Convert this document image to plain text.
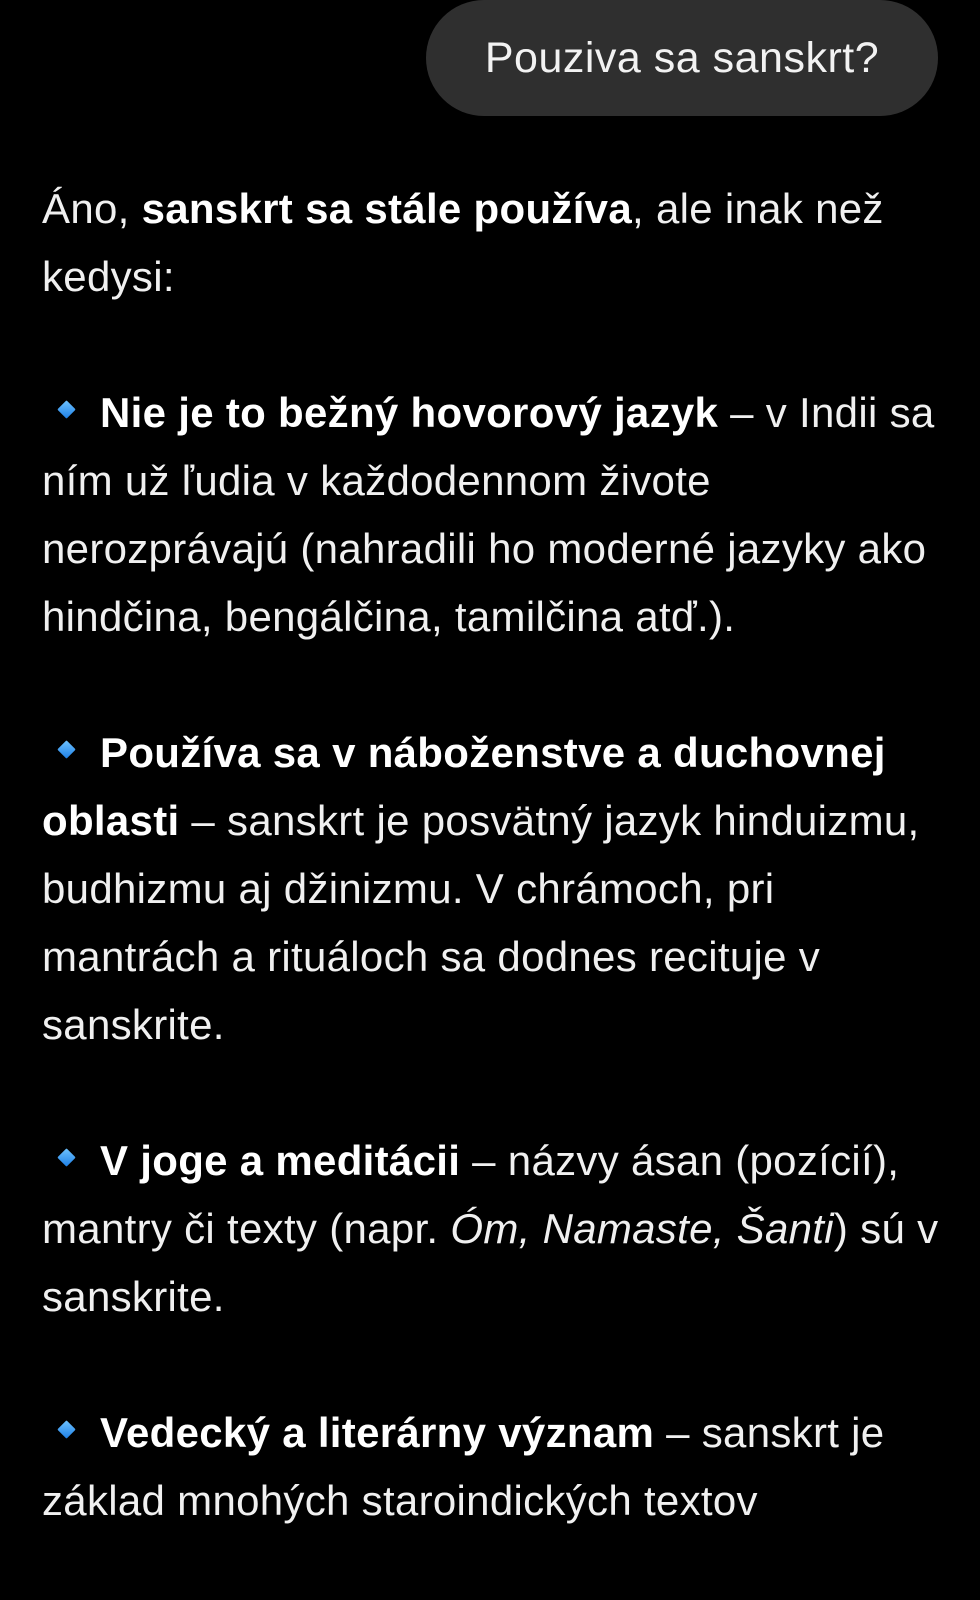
Pouziva sa sanskrt?

Áno, sanskrt sa stále používa, ale inak než kedysi:

Nie je to bežný hovorový jazyk – v Indii sa ním už ľudia v každodennom živote nerozprávajú (nahradili ho moderné jazyky ako hindčina, bengálčina, tamilčina atď.).

Používa sa v náboženstve a duchovnej oblasti – sanskrt je posvätný jazyk hinduizmu, budhizmu aj džinizmu. V chrámoch, pri mantrách a rituáloch sa dodnes recituje v sanskrite.

V joge a meditácii – názvy ásan (pozícií), mantry či texty (napr. Óm, Namaste, Šanti) sú v sanskrite.

Vedecký a literárny význam – sanskrt je základ mnohých staroindických textov
